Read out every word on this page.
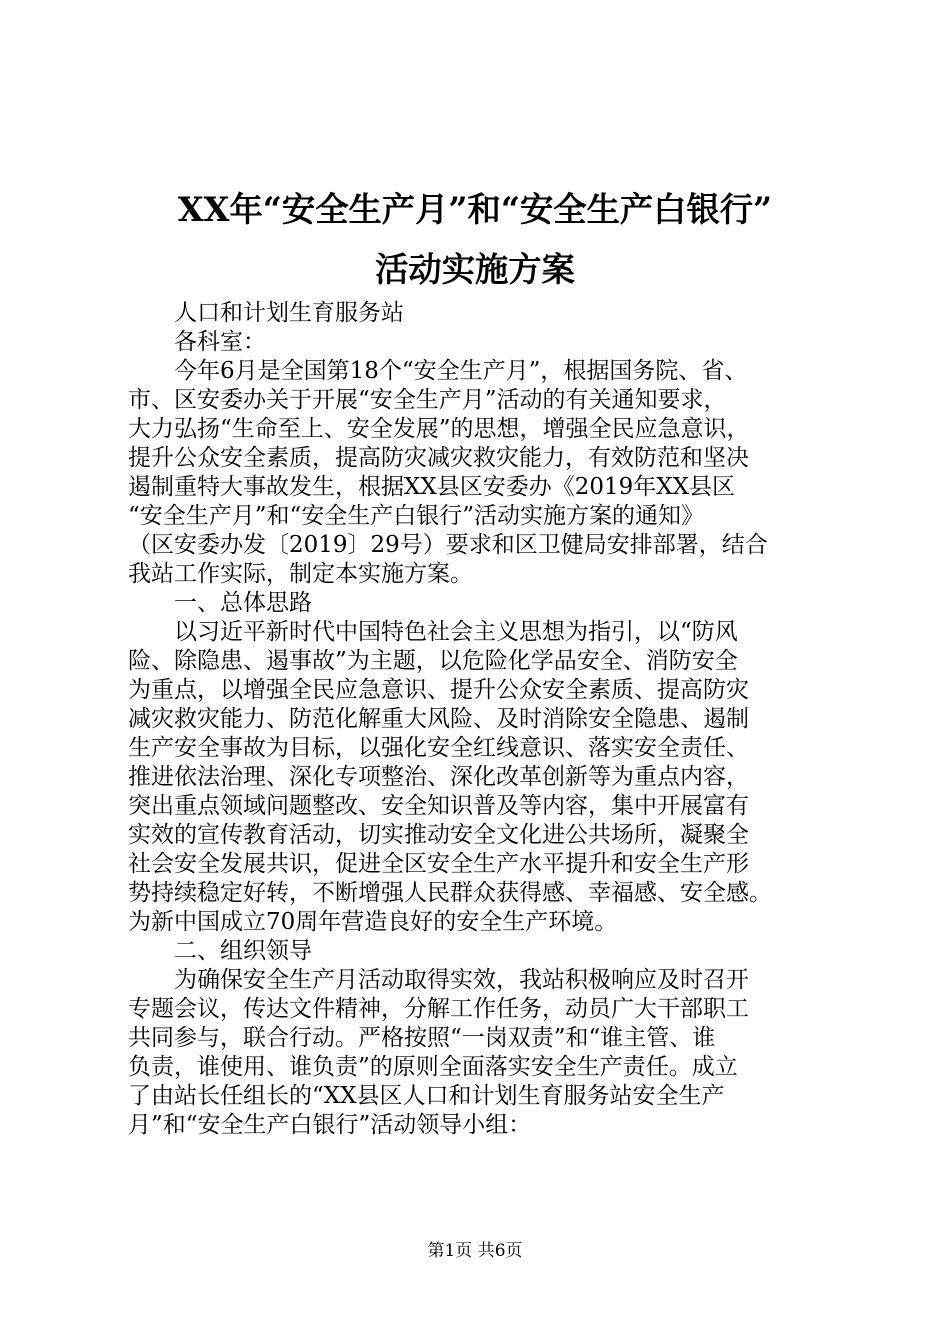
XX年“安全生产月”和“安全生产白银行”
活动实施方案
　　人口和计划生育服务站
　　各科室：
　　今年6月是全国第18个“安全生产月”，根据国务院、省、
市、区安委办关于开展“安全生产月”活动的有关通知要求，
大力弘扬“生命至上、安全发展”的思想，增强全民应急意识，
提升公众安全素质，提高防灾减灾救灾能力，有效防范和坚决
遏制重特大事故发生，根据XX县区安委办《2019年XX县区
“安全生产月”和“安全生产白银行”活动实施方案的通知》
（区安委办发〔2019〕29号）要求和区卫健局安排部署，结合
我站工作实际，制定本实施方案。
　　一、总体思路
　　以习近平新时代中国特色社会主义思想为指引，以“防风
险、除隐患、遏事故”为主题，以危险化学品安全、消防安全
为重点，以增强全民应急意识、提升公众安全素质、提高防灾
减灾救灾能力、防范化解重大风险、及时消除安全隐患、遏制
生产安全事故为目标，以强化安全红线意识、落实安全责任、
推进依法治理、深化专项整治、深化改革创新等为重点内容，
突出重点领域问题整改、安全知识普及等内容，集中开展富有
实效的宣传教育活动，切实推动安全文化进公共场所，凝聚全
社会安全发展共识，促进全区安全生产水平提升和安全生产形
势持续稳定好转，不断增强人民群众获得感、幸福感、安全感。
为新中国成立70周年营造良好的安全生产环境。
　　二、组织领导
　　为确保安全生产月活动取得实效，我站积极响应及时召开
专题会议，传达文件精神，分解工作任务，动员广大干部职工
共同参与，联合行动。严格按照“一岗双责”和“谁主管、谁
负责，谁使用、谁负责”的原则全面落实安全生产责任。成立
了由站长任组长的“XX县区人口和计划生育服务站安全生产
月”和“安全生产白银行”活动领导小组：
第1页 共6页
